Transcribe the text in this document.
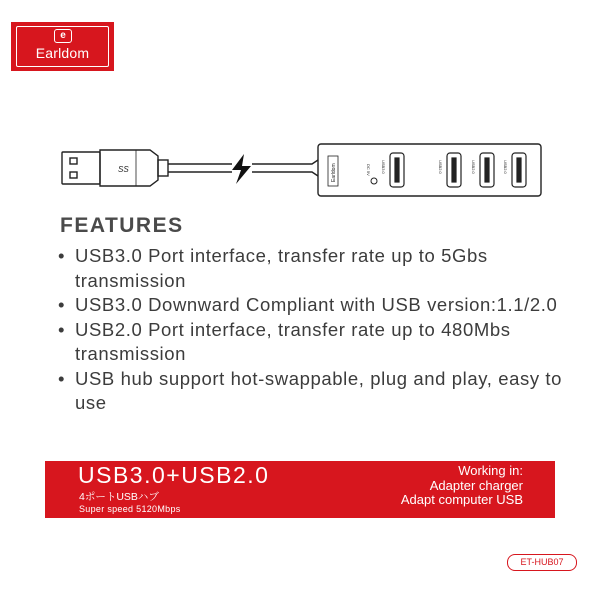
e
Earldom
SS	Earldom	DC 5V	USB3.0	USB2.0	USB2.0	USB2.0
FEATURES
• USB3.0 Port interface, transfer rate up to 5Gbs transmission
• USB3.0 Downward Compliant with USB version:1.1/2.0
• USB2.0 Port interface, transfer rate up to 480Mbs transmission
• USB hub support hot-swappable, plug and play, easy to use
USB3.0+USB2.0
4ポートUSBハブ
Super speed 5120Mbps
Working in:
Adapter charger
Adapt computer USB
ET-HUB07
